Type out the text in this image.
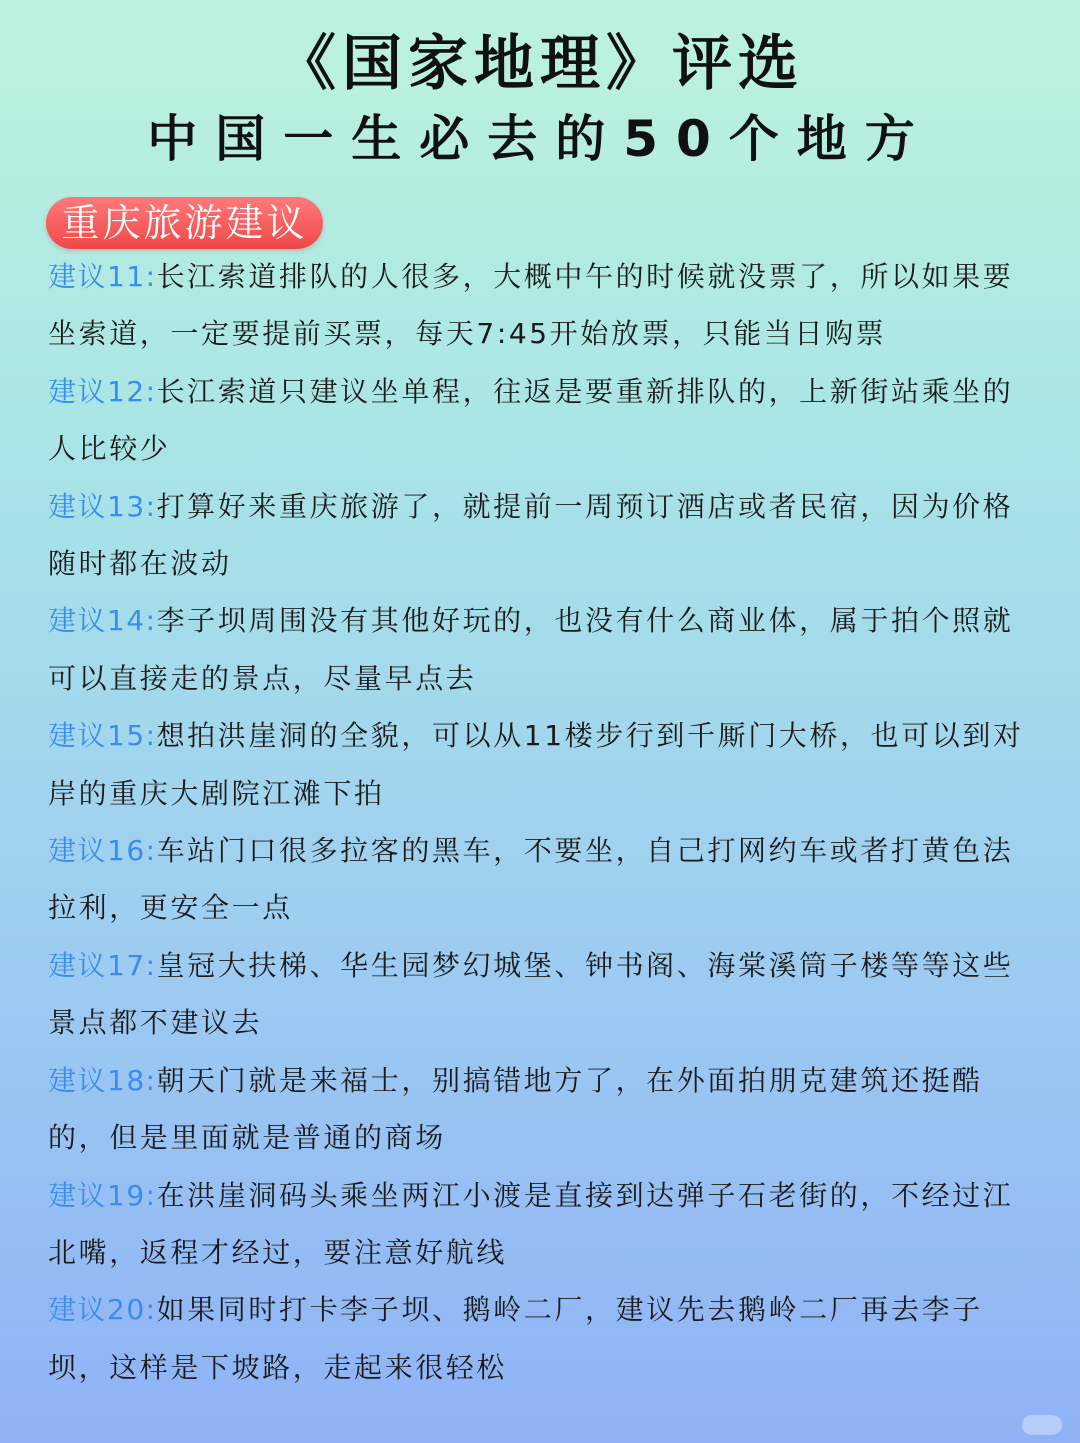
《国家地理》评选
中国一生必去的50个地方
重庆旅游建议
建议11:长江索道排队的人很多，大概中午的时候就没票了，所以如果要坐索道，一定要提前买票，每天7:45开始放票，只能当日购票
建议12:长江索道只建议坐单程，往返是要重新排队的，上新街站乘坐的人比较少
建议13:打算好来重庆旅游了，就提前一周预订酒店或者民宿，因为价格随时都在波动
建议14:李子坝周围没有其他好玩的，也没有什么商业体，属于拍个照就可以直接走的景点，尽量早点去
建议15:想拍洪崖洞的全貌，可以从11楼步行到千厮门大桥，也可以到对岸的重庆大剧院江滩下拍
建议16:车站门口很多拉客的黑车，不要坐，自己打网约车或者打黄色法拉利，更安全一点
建议17:皇冠大扶梯、华生园梦幻城堡、钟书阁、海棠溪筒子楼等等这些景点都不建议去
建议18:朝天门就是来福士，别搞错地方了，在外面拍朋克建筑还挺酷的，但是里面就是普通的商场
建议19:在洪崖洞码头乘坐两江小渡是直接到达弹子石老街的，不经过江北嘴，返程才经过，要注意好航线
建议20:如果同时打卡李子坝、鹅岭二厂，建议先去鹅岭二厂再去李子坝，这样是下坡路，走起来很轻松
